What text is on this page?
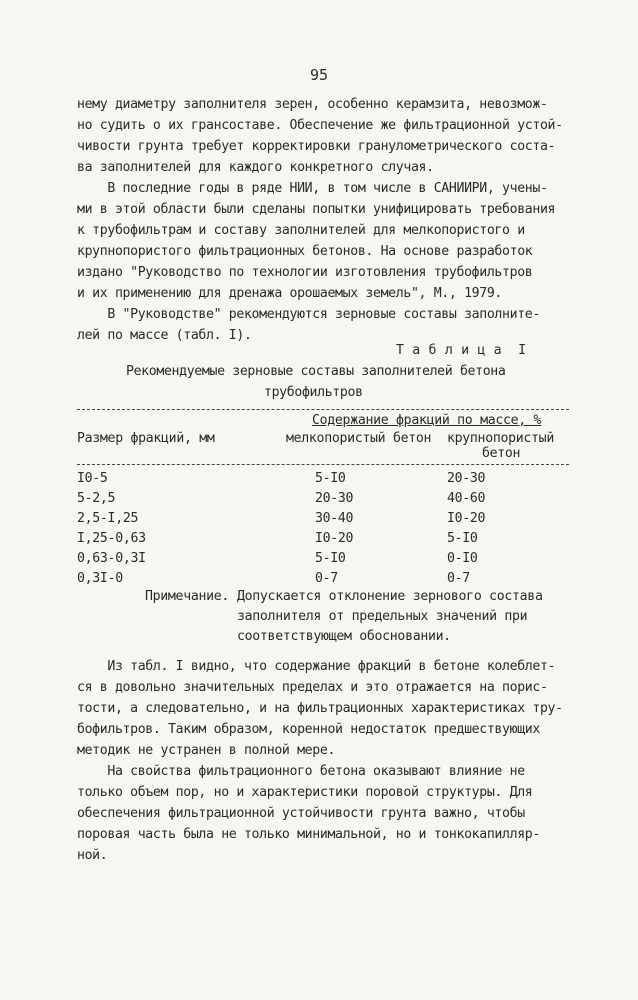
95
нему диаметру заполнителя зерен, особенно керамзита, невозмож-
но судить о их грансоставе. Обеспечение же фильтрационной устой-
чивости грунта требует корректировки гранулометрического соста-
ва заполнителей для каждого конкретного случая.
В последние годы в ряде НИИ, в том числе в САНИИРИ, учены-
ми в этой области были сделаны попытки унифицировать требования
к трубофильтрам и составу заполнителей для мелкопористого и
крупнопористого фильтрационных бетонов. На основе разработок
издано "Руководство по технологии изготовления трубофильтров
и их применению для дренажа орошаемых земель", М., 1979.
В "Руководстве" рекомендуются зерновые составы заполните-
лей по массе (табл. I).
Т а б л и ц а  I
Рекомендуемые зерновые составы заполнителей бетона
трубофильтров
Содержание фракций по массе, %
Размер фракций, мм	мелкопористый бетон крупнопористый
бетон
I0-5	5-I0	20-30
5-2,5	20-30	40-60
2,5-I,25	30-40	I0-20
I,25-0,63	I0-20	5-I0
0,63-0,3I	5-I0	0-I0
0,3I-0	0-7	0-7
Примечание. Допускается отклонение зернового состава
заполнителя от предельных значений при
соответствующем обосновании.
Из табл. I видно, что содержание фракций в бетоне колеблет-
ся в довольно значительных пределах и это отражается на порис-
тости, а следовательно, и на фильтрационных характеристиках тру-
бофильтров. Таким образом, коренной недостаток предшествующих
методик не устранен в полной мере.
На свойства фильтрационного бетона оказывают влияние не
только объем пор, но и характеристики поровой структуры. Для
обеспечения фильтрационной устойчивости грунта важно, чтобы
поровая часть была не только минимальной, но и тонкокапилляр-
ной.
